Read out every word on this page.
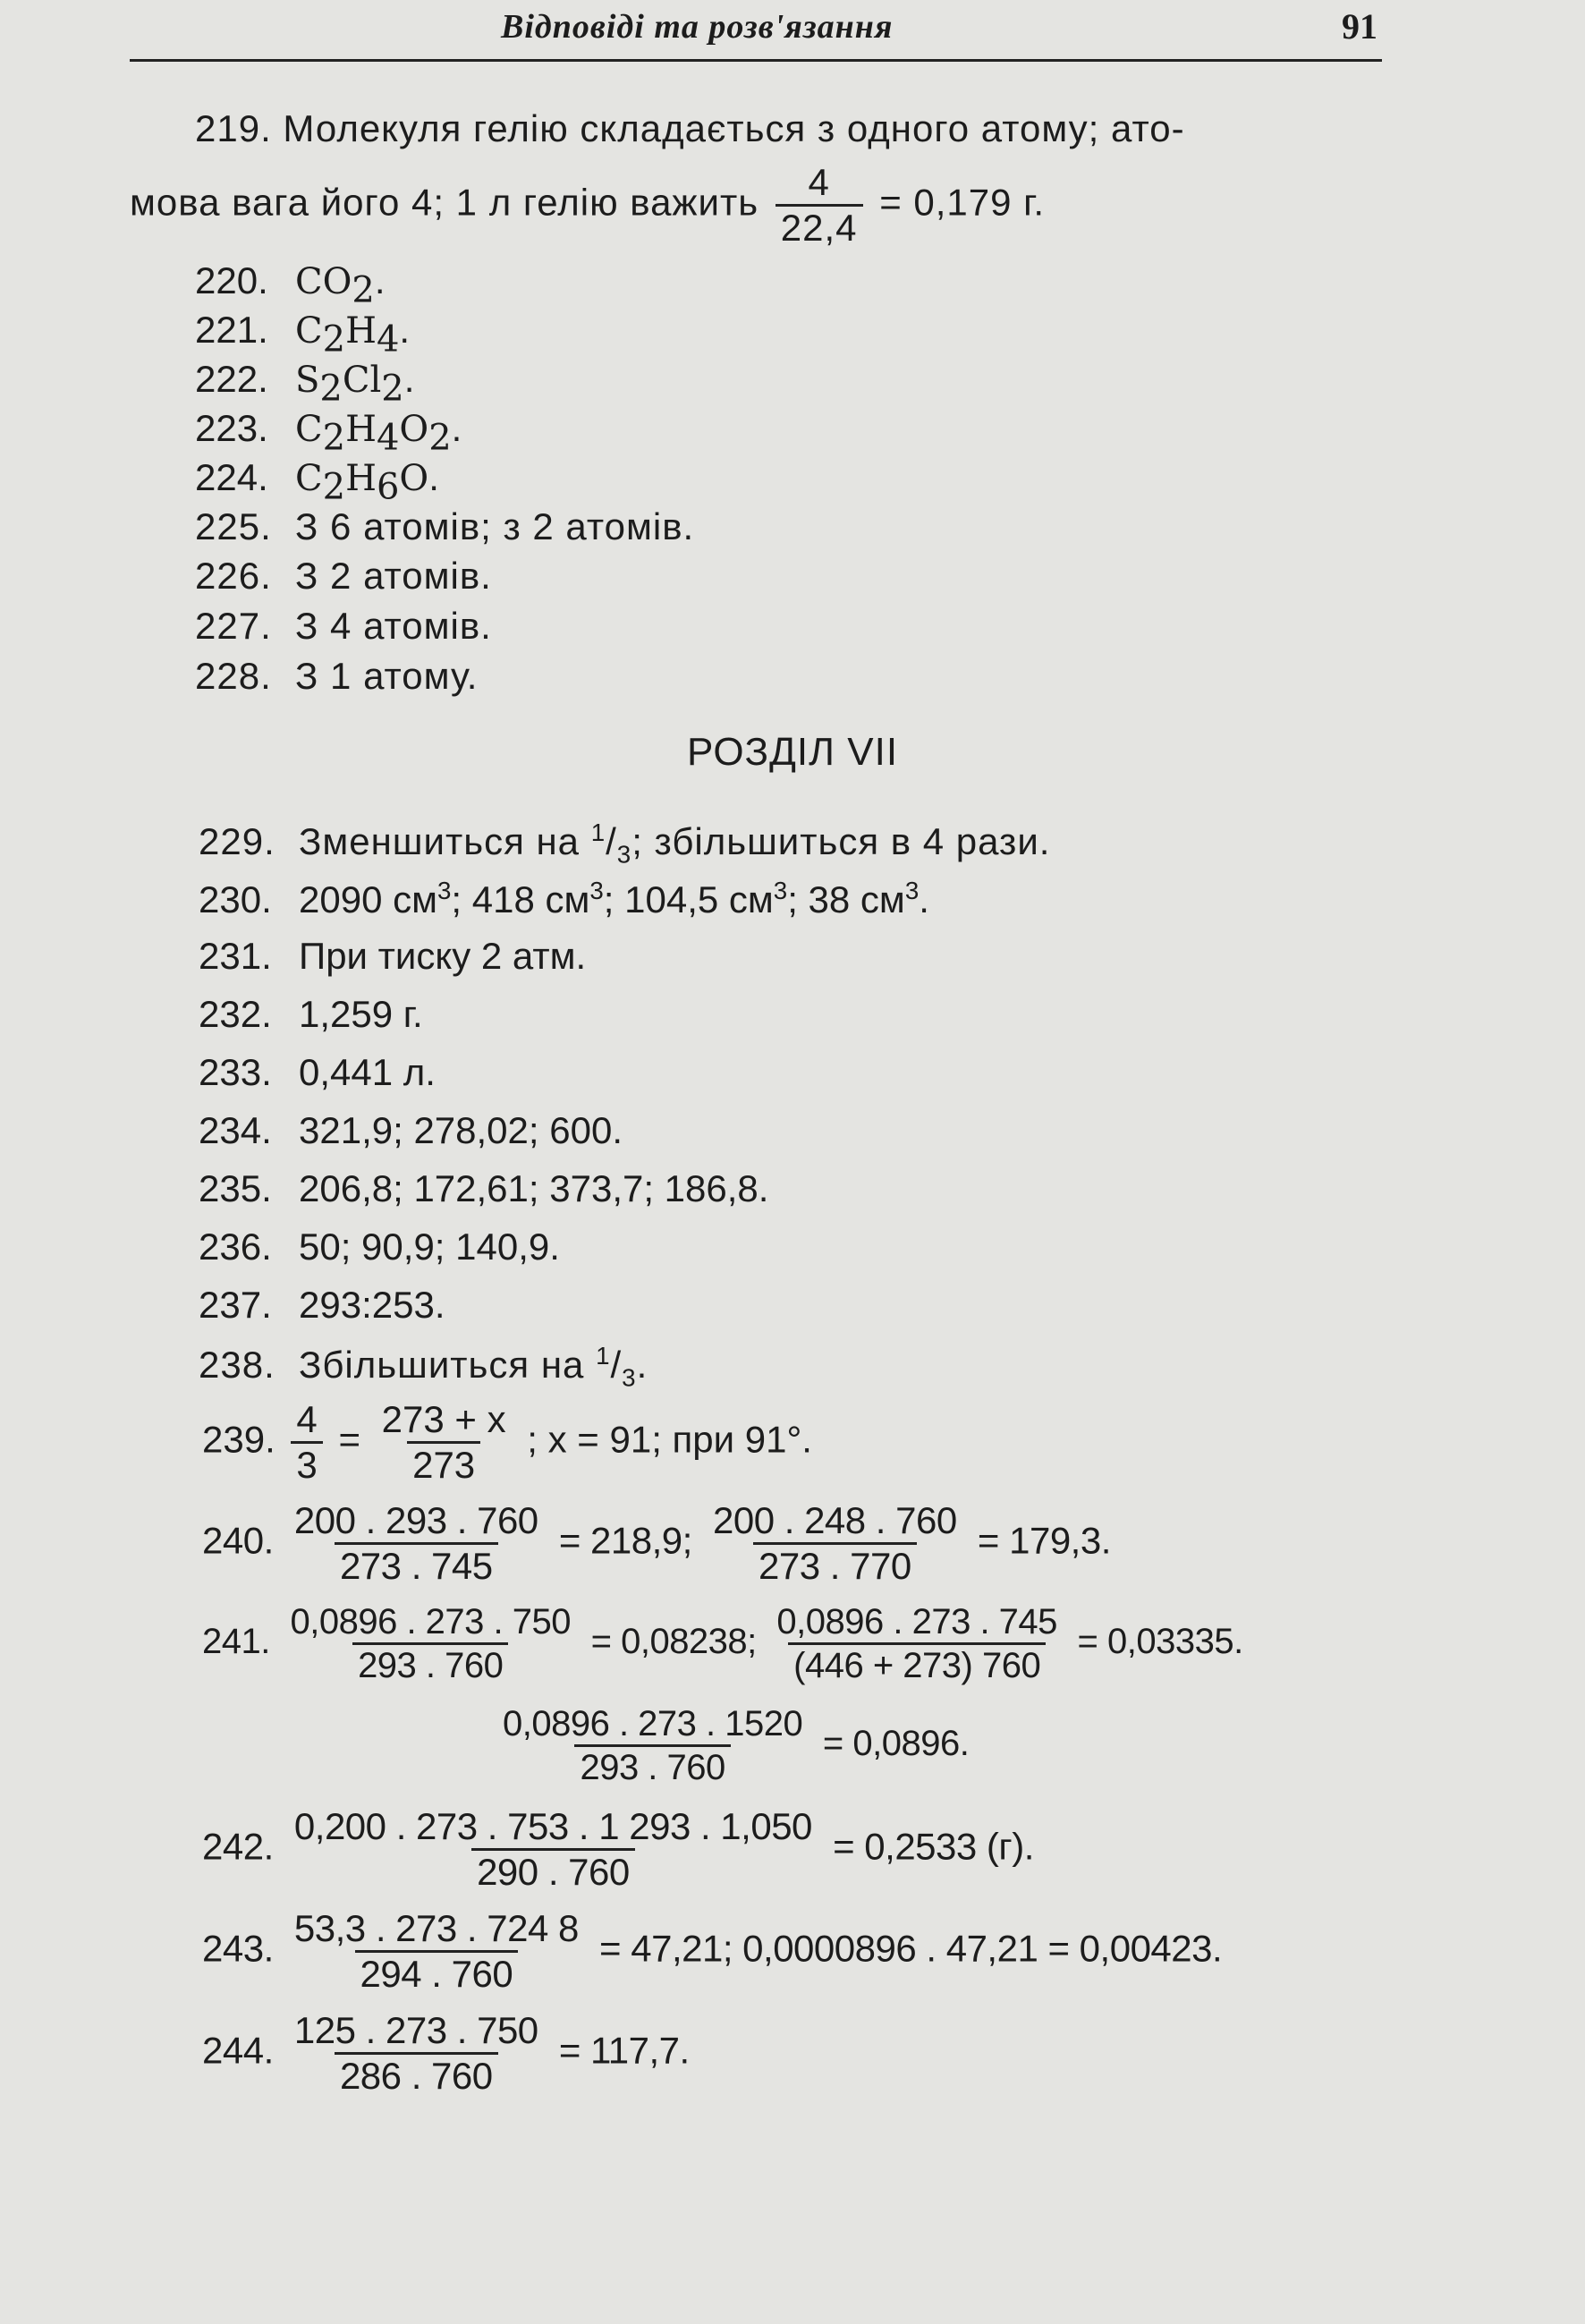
Відповіді та розв'язання	91
219. Молекуля гелію складається з одного атому; ато-
мова вага його 4; 1 л гелію важить $\frac{4}{22,4} = 0,179$ г.
220. $CO_2$.
221. $C_2H_4$.
222. $S_2Cl_2$.
223. $C_2H_4O_2$.
224. $C_2H_6O$.
225. З 6 атомів; з 2 атомів.
226. З 2 атомів.
227. З 4 атомів.
228. З 1 атому.
РОЗДІЛ VII
229. Зменшиться на $^1/_3$; збільшиться в 4 рази.
230. 2090 $см^3$; 418 $см^3$; 104,5 $см^3$; 38 $см^3$.
231. При тиску 2 атм.
232. 1,259 г.
233. 0,441 л.
234. 321,9; 278,02; 600.
235. 206,8; 172,61; 373,7; 186,8.
236. 50; 90,9; 140,9.
237. 293:253.
238. Збільшиться на $^1/_3$.
239. $\frac{4}{3} = \frac{273 + x}{273}$ ; x = 91; при 91°.
240. $\frac{200 . 293 . 760}{273 . 745} = 218,9$; $\frac{200 . 248 . 760}{273 . 770} = 179,3$.
241. $\frac{0,0896 . 273 . 750}{293 . 760} = 0,08238$; $\frac{0,0896 . 273 . 745}{(446 + 273) 760} = 0,03335$.
$\frac{0,0896 . 273 . 1520}{293 . 760} = 0,0896$.
242. $\frac{0,200 . 273 . 753 . 1 293 . 1,050}{290 . 760} = 0,2533$ (г).
243. $\frac{53,3 . 273 . 724 8}{294 . 760} = 47,21$; 0,0000896 . 47,21 = 0,00423.
244. $\frac{125 . 273 . 750}{286 . 760} = 117,7$.
